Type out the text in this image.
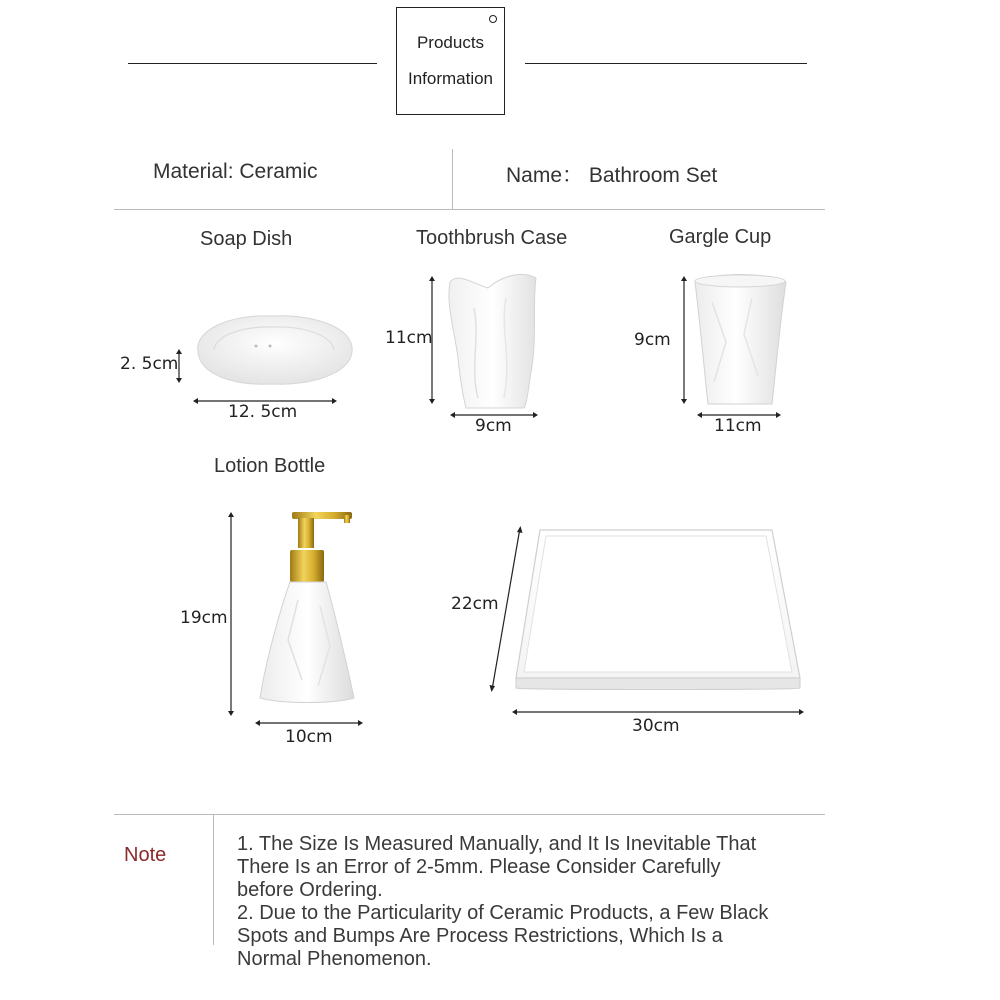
Products
Information
Material: Ceramic	Name： Bathroom Set
Soap Dish
2. 5cm
12. 5cm
Toothbrush Case
11cm
9cm
Gargle Cup
9cm
11cm
Lotion Bottle
19cm
10cm
22cm
30cm
Note	1. The Size Is Measured Manually, and It Is Inevitable That
There Is an Error of 2-5mm. Please Consider Carefully
before Ordering.
2. Due to the Particularity of Ceramic Products, a Few Black
Spots and Bumps Are Process Restrictions, Which Is a
Normal Phenomenon.
